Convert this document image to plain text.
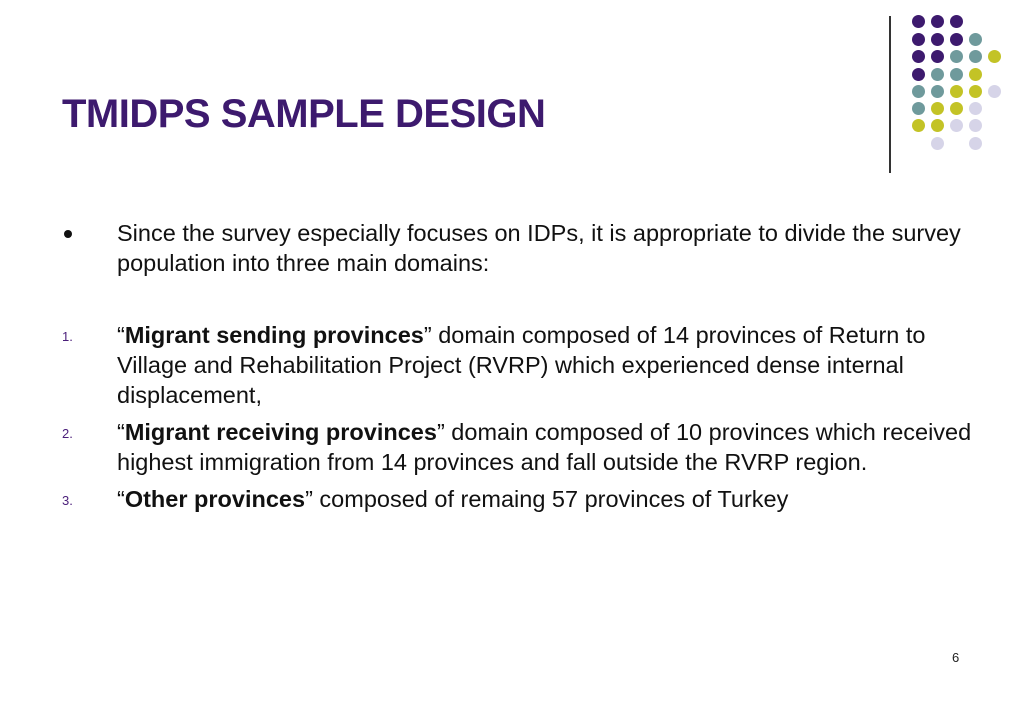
TMIDPS SAMPLE DESIGN
Since the survey especially focuses on IDPs, it is appropriate to divide the survey population into three main domains:
1. “Migrant sending provinces” domain composed of 14 provinces of Return to Village and Rehabilitation Project (RVRP) which experienced dense internal displacement,
2. “Migrant receiving provinces” domain composed of 10 provinces which received highest immigration from 14 provinces and fall outside the RVRP region.
3. “Other provinces” composed of remaing 57 provinces of Turkey
6
